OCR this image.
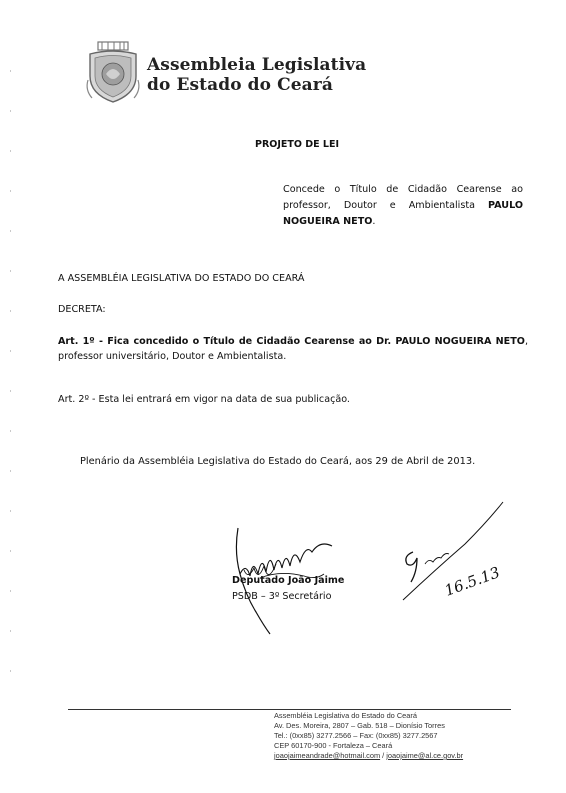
Assembleia Legislativa
do Estado do Ceará
PROJETO DE LEI
Concede o Título de Cidadão Cearense ao professor, Doutor e Ambientalista PAULO NOGUEIRA NETO.
A ASSEMBLÉIA LEGISLATIVA DO ESTADO DO CEARÁ
DECRETA:
Art. 1º - Fica concedido o Título de Cidadão Cearense ao Dr. PAULO NOGUEIRA NETO, professor universitário, Doutor e Ambientalista.
Art. 2º - Esta lei entrará em vigor na data de sua publicação.
Plenário da Assembléia Legislativa do Estado do Ceará, aos 29 de Abril de 2013.
Deputado João Jaime
PSDB – 3º Secretário	16.5.13
Assembléia Legislativa do Estado do Ceará
Av. Des. Moreira, 2807 – Gab. 518 – Dionísio Torres
Tel.: (0xx85) 3277.2566 – Fax: (0xx85) 3277.2567
CEP 60170-900 - Fortaleza – Ceará
joaojaimeandrade@hotmail.com / joaojaime@al.ce.gov.br
